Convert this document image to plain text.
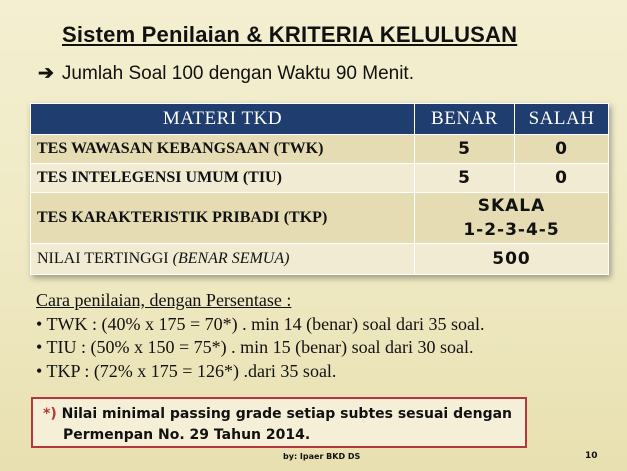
Sistem Penilaian & KRITERIA KELULUSAN
➔ Jumlah Soal 100 dengan Waktu 90 Menit.
MATERI TKD	BENAR	SALAH
TES WAWASAN KEBANGSAAN (TWK)	5	0
TES INTELEGENSI UMUM (TIU)	5	0
TES KARAKTERISTIK PRIBADI (TKP)	SKALA
1-2-3-4-5	

NILAI TERTINGGI (BENAR SEMUA)	500	
Cara penilaian, dengan Persentase :
• TWK : (40% x 175 = 70*) . min 14 (benar) soal dari 35 soal.
• TIU : (50% x 150 = 75*) . min 15 (benar) soal dari 30 soal.
• TKP : (72% x 175 = 126*) .dari 35 soal.
*) Nilai minimal passing grade setiap subtes sesuai dengan
Permenpan No. 29 Tahun 2014.
by: Ipaer BKD DS	10
